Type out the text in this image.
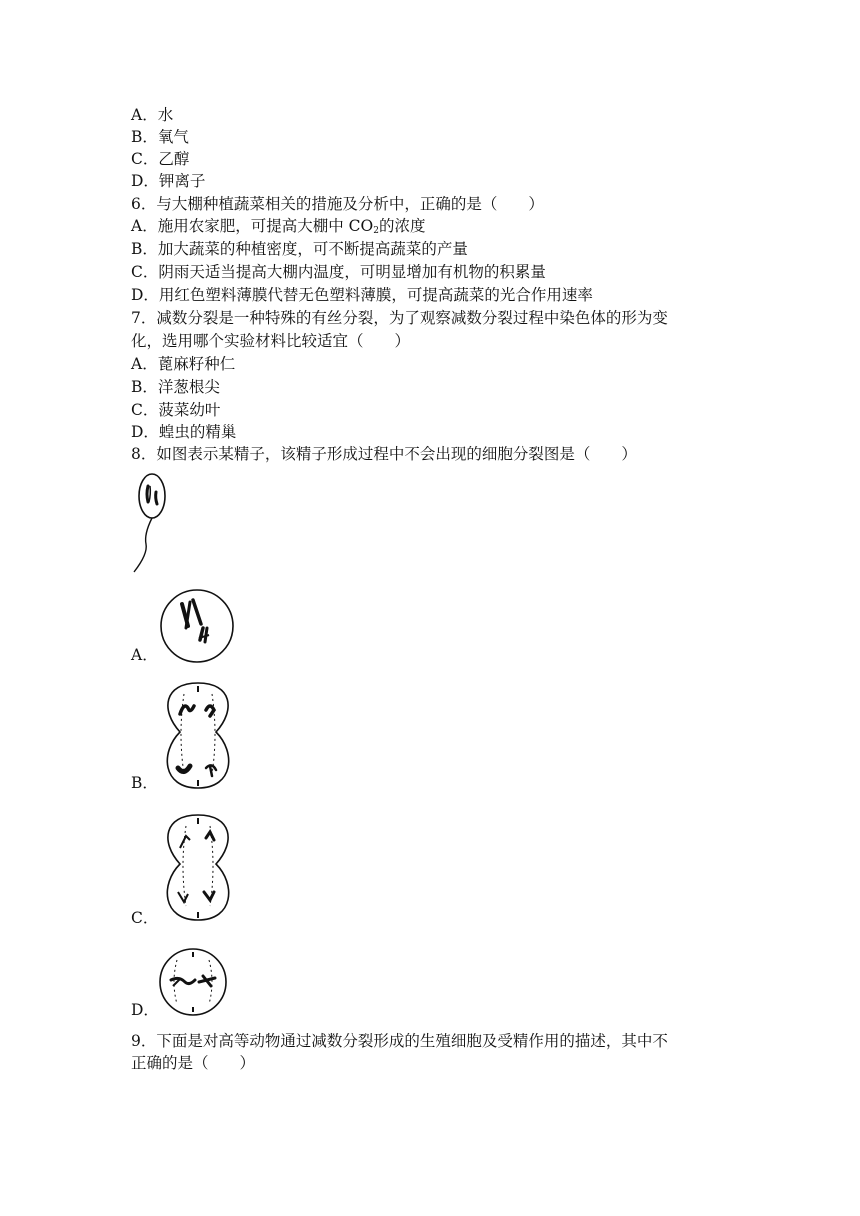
A．水
B．氧气
C．乙醇
D．钾离子
6．与大棚种植蔬菜相关的措施及分析中，正确的是（　　）
A．施用农家肥，可提高大棚中 $CO_2$的浓度
B．加大蔬菜的种植密度，可不断提高蔬菜的产量
C．阴雨天适当提高大棚内温度，可明显增加有机物的积累量
D．用红色塑料薄膜代替无色塑料薄膜，可提高蔬菜的光合作用速率
7．减数分裂是一种特殊的有丝分裂，为了观察减数分裂过程中染色体的形为变
化，选用哪个实验材料比较适宜（　　）
A．蓖麻籽种仁
B．洋葱根尖
C．菠菜幼叶
D．蝗虫的精巢
8．如图表示某精子，该精子形成过程中不会出现的细胞分裂图是（　　）
A．
B．
C．
D．
9．下面是对高等动物通过减数分裂形成的生殖细胞及受精作用的描述，其中不
正确的是（　　）
